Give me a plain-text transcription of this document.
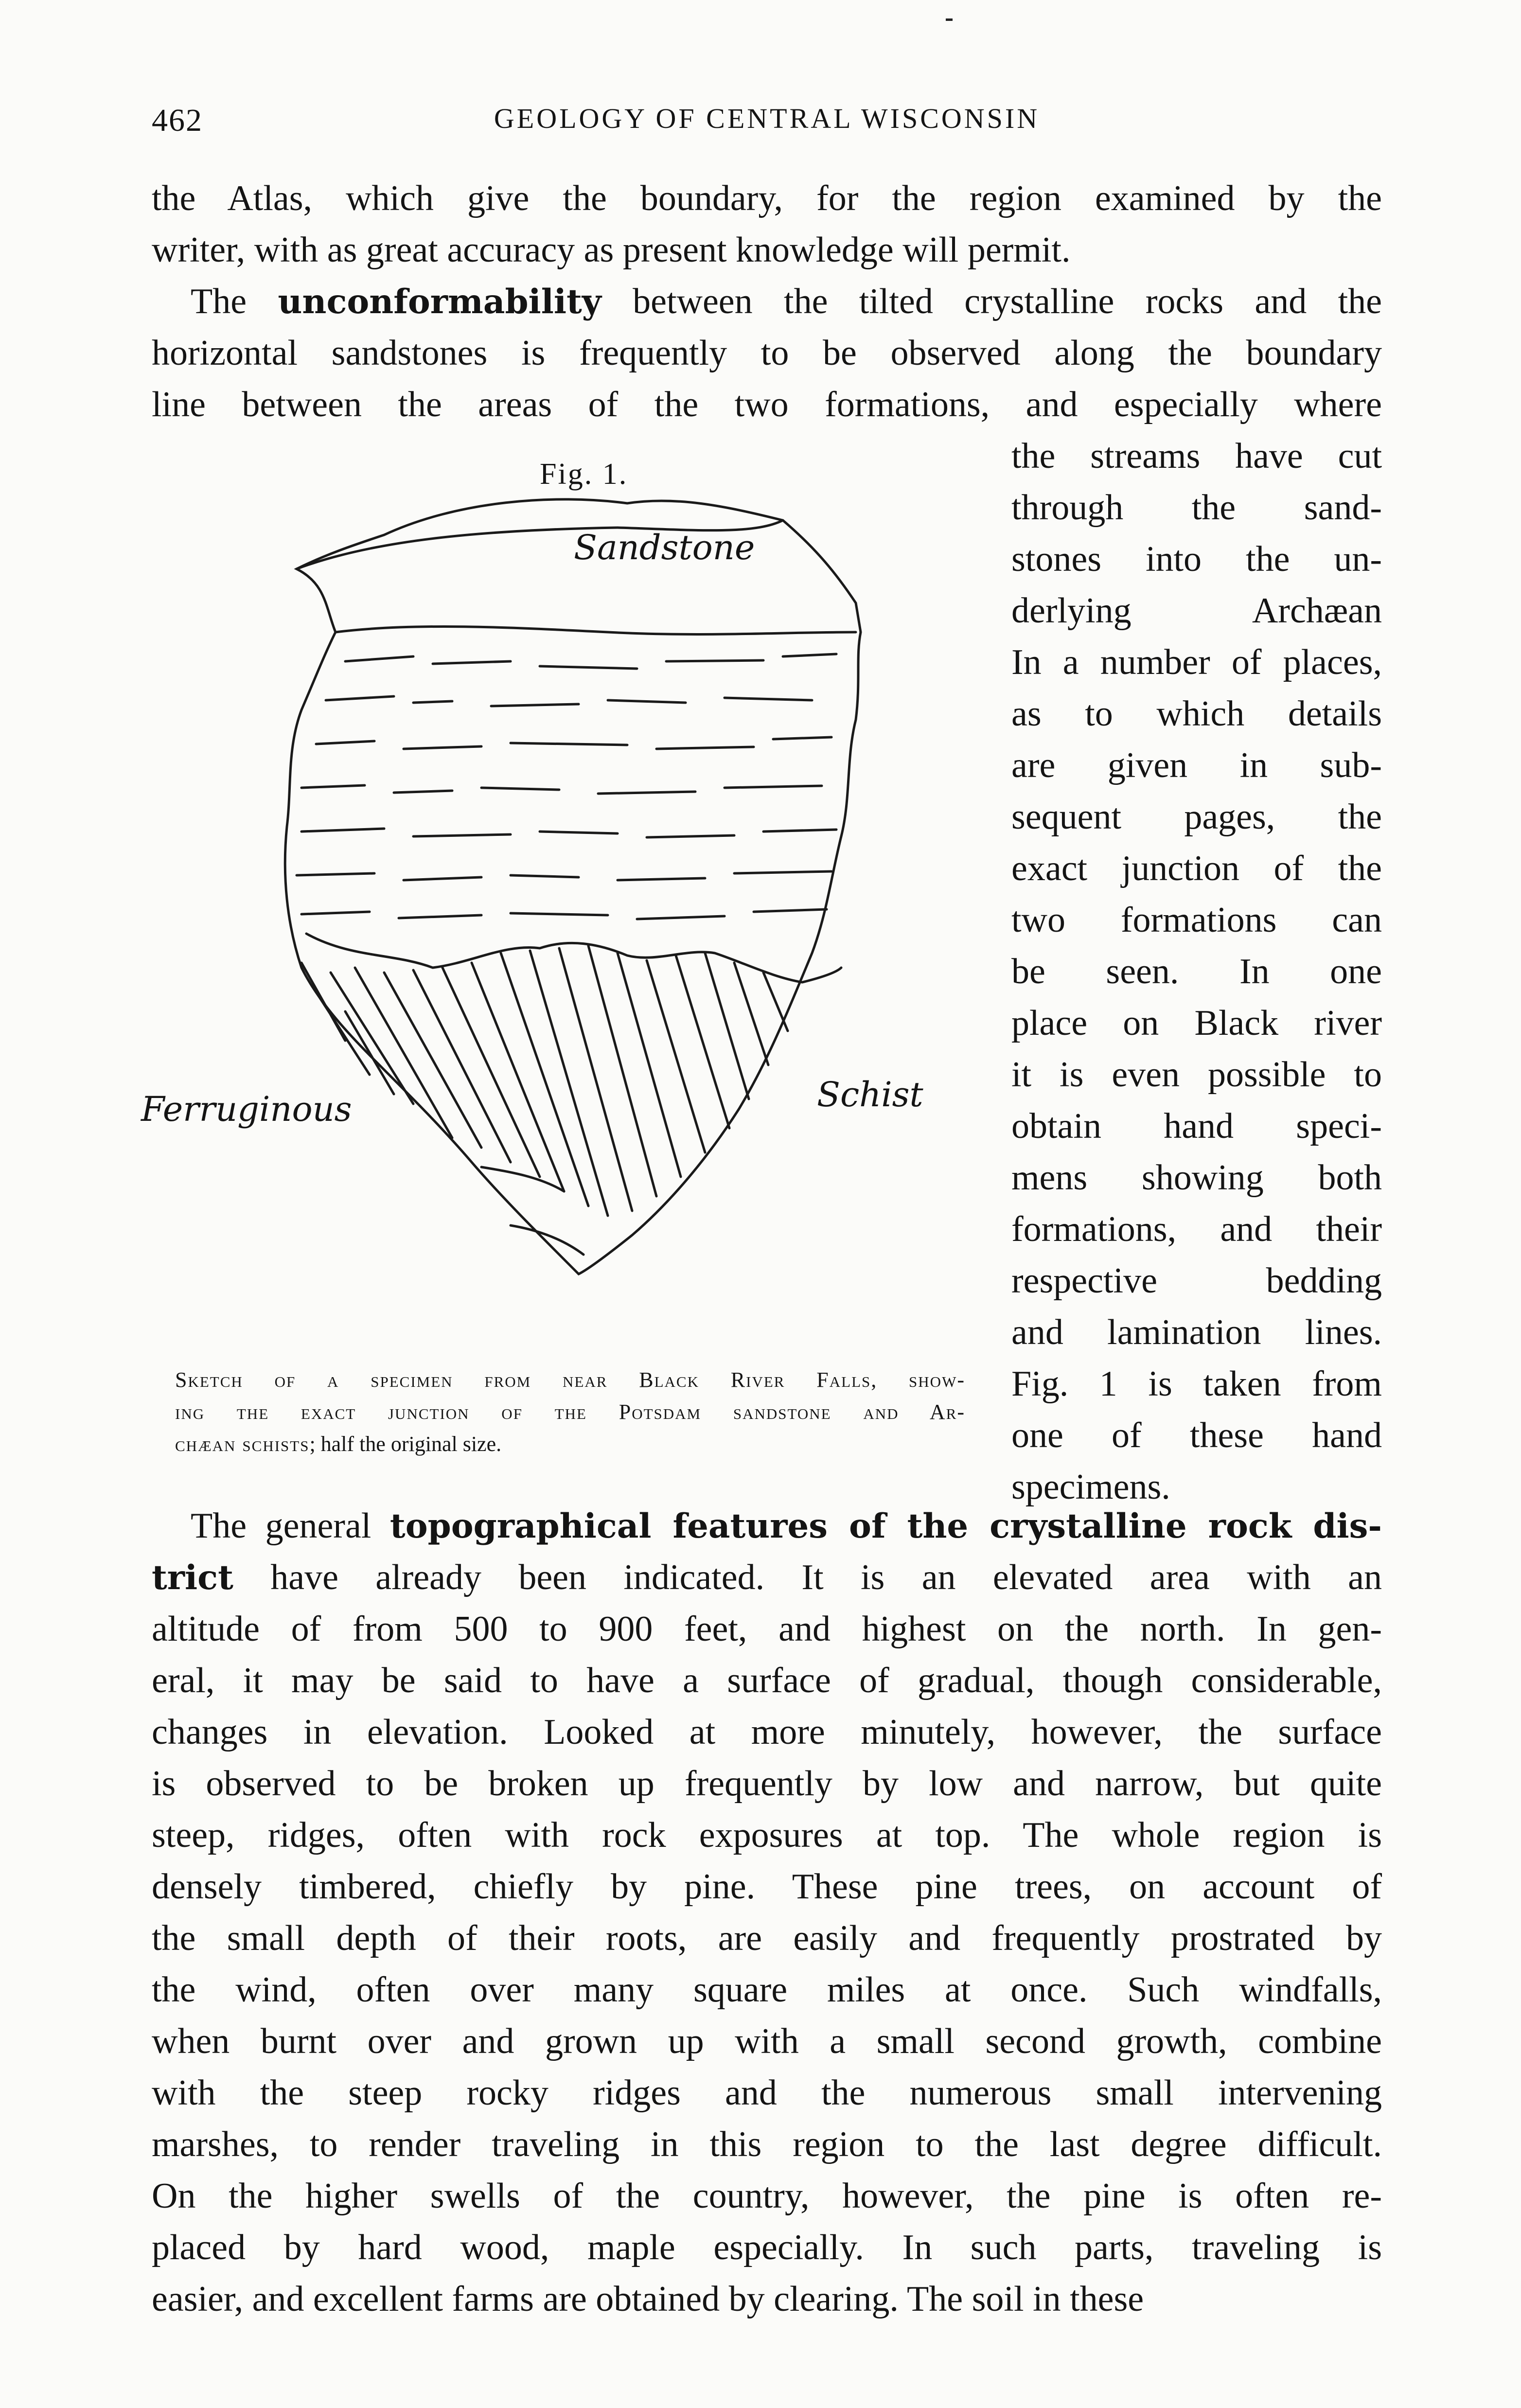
462	GEOLOGY OF CENTRAL WISCONSIN
the Atlas, which give the boundary, for the region examined by the
writer, with as great accuracy as present knowledge will permit.
The unconformability between the tilted crystalline rocks and the
horizontal sandstones is frequently to be observed along the boundary
line between the areas of the two formations, and especially where
the streams have cut
through the sand-
stones into the un-
derlying Archæan
In a number of places,
as to which details
are given in sub-
sequent pages, the
exact junction of the
two formations can
be seen. In one
place on Black river
it is even possible to
obtain hand speci-
mens showing both
formations, and their
respective bedding
and lamination lines.
Fig. 1 is taken from
one of these hand
specimens.
Fig. 1.
Sandstone
Schist
Ferruginous
Sketch of a specimen from near Black River Falls, show-
ing the exact junction of the Potsdam sandstone and Ar-
chæan schists; half the original size.
The general topographical features of the crystalline rock dis-
trict have already been indicated. It is an elevated area with an
altitude of from 500 to 900 feet, and highest on the north. In gen-
eral, it may be said to have a surface of gradual, though considerable,
changes in elevation. Looked at more minutely, however, the surface
is observed to be broken up frequently by low and narrow, but quite
steep, ridges, often with rock exposures at top. The whole region is
densely timbered, chiefly by pine. These pine trees, on account of
the small depth of their roots, are easily and frequently prostrated by
the wind, often over many square miles at once. Such windfalls,
when burnt over and grown up with a small second growth, combine
with the steep rocky ridges and the numerous small intervening
marshes, to render traveling in this region to the last degree difficult.
On the higher swells of the country, however, the pine is often re-
placed by hard wood, maple especially. In such parts, traveling is
easier, and excellent farms are obtained by clearing. The soil in these
